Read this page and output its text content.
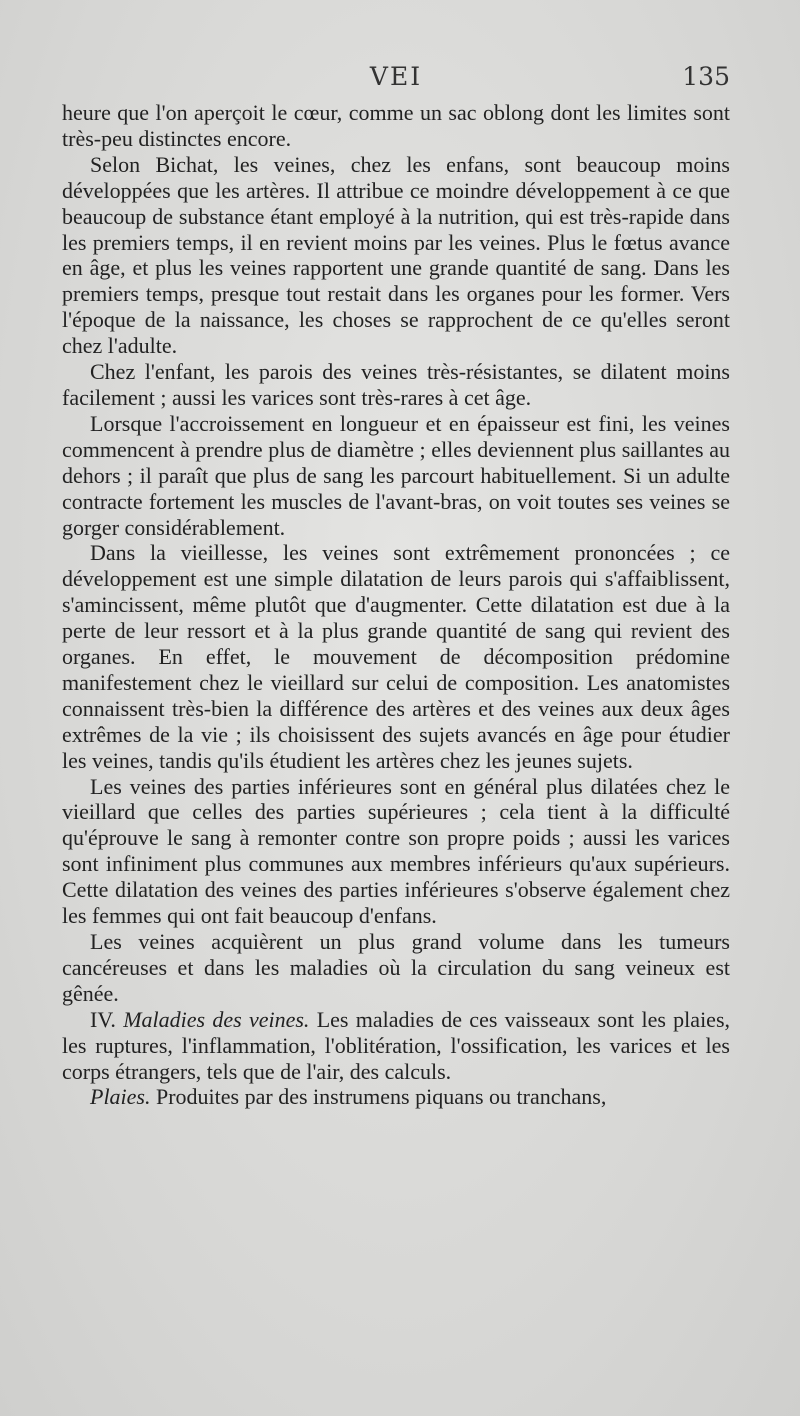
VEI	135

heure que l'on aperçoit le cœur, comme un sac oblong dont les limites sont très-peu distinctes encore.

Selon Bichat, les veines, chez les enfans, sont beaucoup moins développées que les artères. Il attribue ce moindre développement à ce que beaucoup de substance étant employé à la nutrition, qui est très-rapide dans les premiers temps, il en revient moins par les veines. Plus le fœtus avance en âge, et plus les veines rapportent une grande quantité de sang. Dans les premiers temps, presque tout restait dans les organes pour les former. Vers l'époque de la naissance, les choses se rapprochent de ce qu'elles seront chez l'adulte.

Chez l'enfant, les parois des veines très-résistantes, se dilatent moins facilement ; aussi les varices sont très-rares à cet âge.

Lorsque l'accroissement en longueur et en épaisseur est fini, les veines commencent à prendre plus de diamètre ; elles deviennent plus saillantes au dehors ; il paraît que plus de sang les parcourt habituellement. Si un adulte contracte fortement les muscles de l'avant-bras, on voit toutes ses veines se gorger considérablement.

Dans la vieillesse, les veines sont extrêmement prononcées ; ce développement est une simple dilatation de leurs parois qui s'affaiblissent, s'amincissent, même plutôt que d'augmenter. Cette dilatation est due à la perte de leur ressort et à la plus grande quantité de sang qui revient des organes. En effet, le mouvement de décomposition prédomine manifestement chez le vieillard sur celui de composition. Les anatomistes connaissent très-bien la différence des artères et des veines aux deux âges extrêmes de la vie ; ils choisissent des sujets avancés en âge pour étudier les veines, tandis qu'ils étudient les artères chez les jeunes sujets.

Les veines des parties inférieures sont en général plus dilatées chez le vieillard que celles des parties supérieures ; cela tient à la difficulté qu'éprouve le sang à remonter contre son propre poids ; aussi les varices sont infiniment plus communes aux membres inférieurs qu'aux supérieurs. Cette dilatation des veines des parties inférieures s'observe également chez les femmes qui ont fait beaucoup d'enfans.

Les veines acquièrent un plus grand volume dans les tumeurs cancéreuses et dans les maladies où la circulation du sang veineux est gênée.

IV. Maladies des veines. Les maladies de ces vaisseaux sont les plaies, les ruptures, l'inflammation, l'oblitération, l'ossification, les varices et les corps étrangers, tels que de l'air, des calculs.

Plaies. Produites par des instrumens piquans ou tranchans,
